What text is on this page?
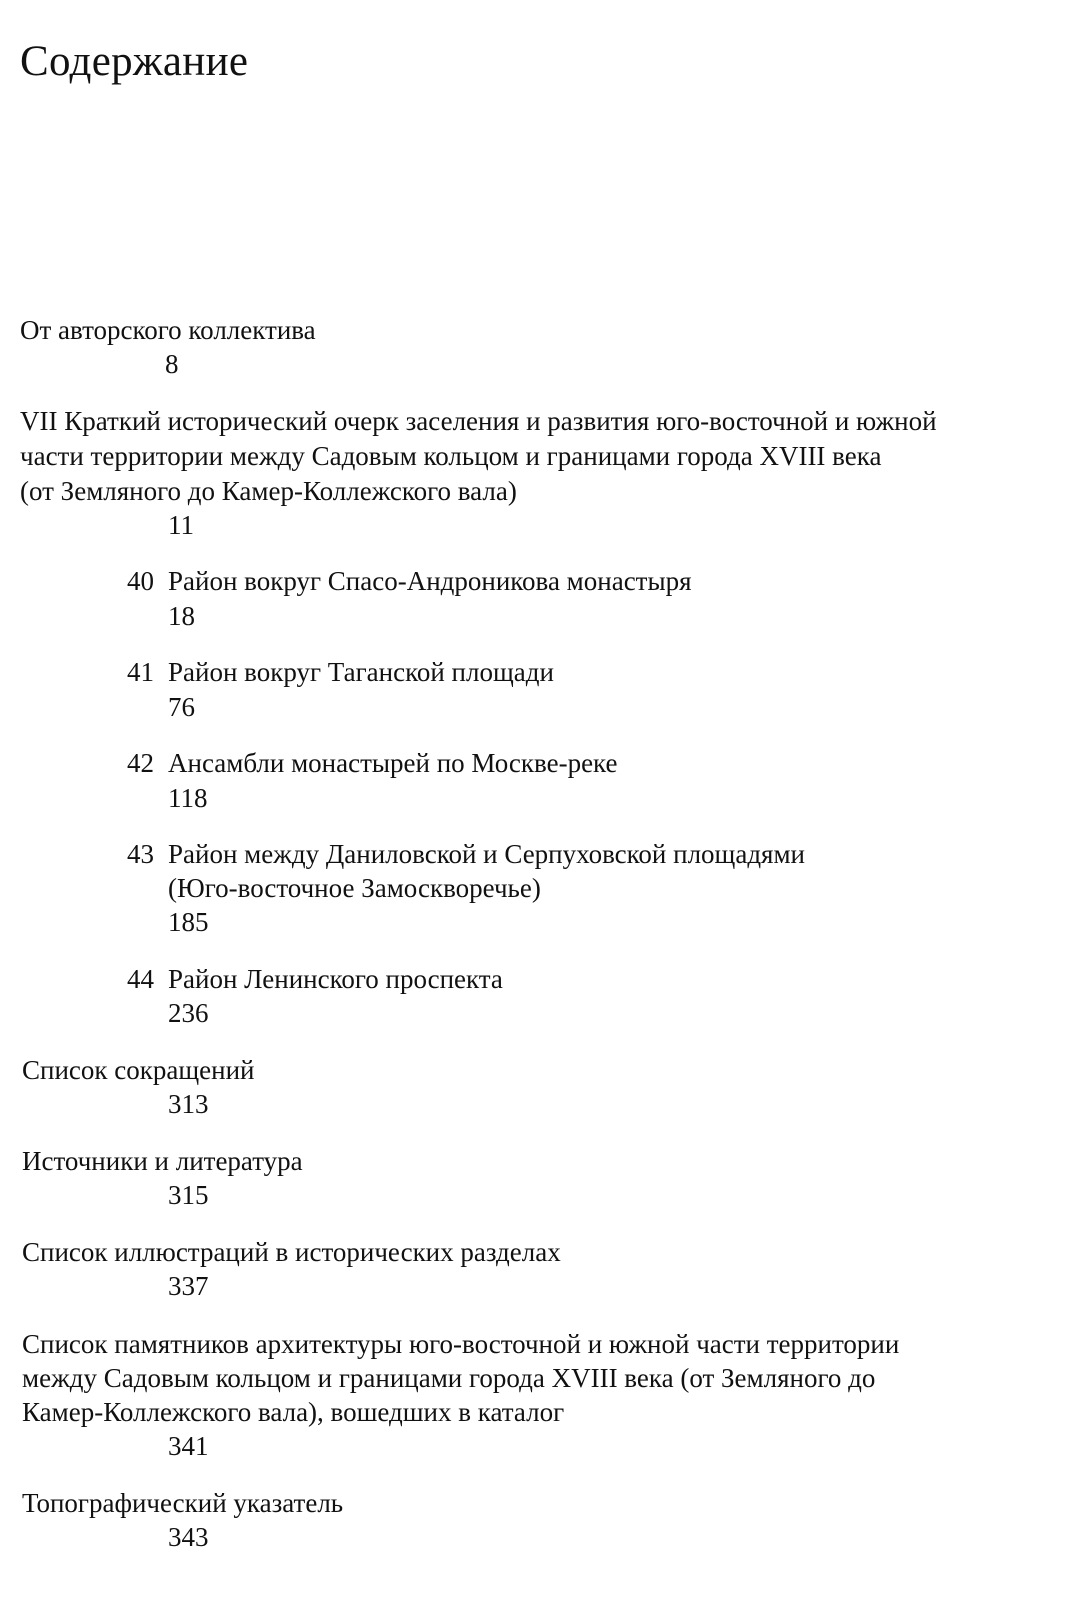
Содержание
От авторского коллектива
8
VII Краткий исторический очерк заселения и развития юго-восточной и южной
части территории между Садовым кольцом и границами города XVIII века
(от Земляного до Камер-Коллежского вала)
11
40 Район вокруг Спасо-Андроникова монастыря
18
41 Район вокруг Таганской площади
76
42 Ансамбли монастырей по Москве-реке
118
43 Район между Даниловской и Серпуховской площадями
(Юго-восточное Замоскворечье)
185
44 Район Ленинского проспекта
236
Список сокращений
313
Источники и литература
315
Список иллюстраций в исторических разделах
337
Список памятников архитектуры юго-восточной и южной части территории
между Садовым кольцом и границами города XVIII века (от Земляного до
Камер-Коллежского вала), вошедших в каталог
341
Топографический указатель
343
